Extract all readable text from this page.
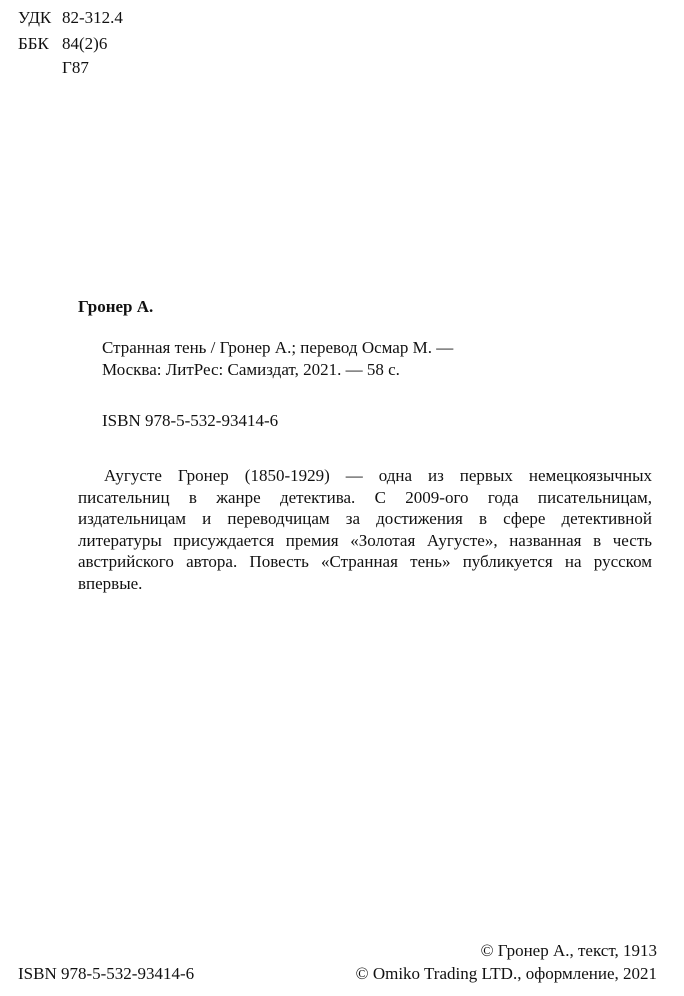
УДК 82-312.4
ББК 84(2)6
Г87
Гронер А.
Странная тень / Гронер А.; перевод Осмар М. —
Москва: ЛитРес: Самиздат, 2021. — 58 с.
ISBN 978-5-532-93414-6
Аугусте Гронер (1850-1929) — одна из первых немецкоязычных
писательниц в жанре детектива. С 2009-ого года писательницам,
издательницам и переводчицам за достижения в сфере детективной
литературы присуждается премия «Золотая Аугусте», названная в честь
австрийского автора. Повесть «Странная тень» публикуется на русском
впервые.
© Гронер А., текст, 1913
© Omiko Trading LTD., оформление, 2021
ISBN 978-5-532-93414-6
